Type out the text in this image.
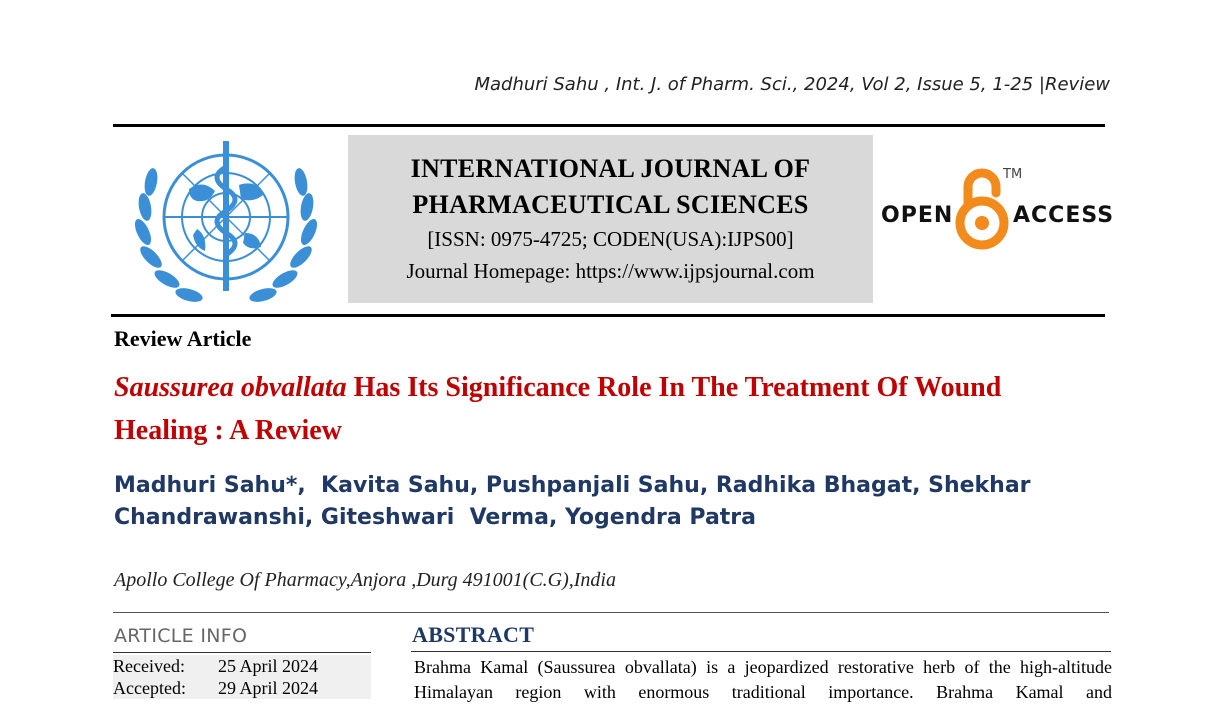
Madhuri Sahu , Int. J. of Pharm. Sci., 2024, Vol 2, Issue 5, 1-25 |Review
INTERNATIONAL JOURNAL OF
PHARMACEUTICAL SCIENCES
[ISSN: 0975-4725; CODEN(USA):IJPS00]
Journal Homepage: https://www.ijpsjournal.com
OPEN
TM
ACCESS
Review Article
Saussurea obvallata Has Its Significance Role In The Treatment Of Wound Healing : A Review
Madhuri Sahu*,  Kavita Sahu, Pushpanjali Sahu, Radhika Bhagat, Shekhar Chandrawanshi, Giteshwari  Verma, Yogendra Patra
Apollo College Of Pharmacy,Anjora ,Durg 491001(C.G),India
ARTICLE INFO
Received:	25 April 2024
Accepted:	29 April 2024
ABSTRACT
Brahma Kamal (Saussurea obvallata) is a jeopardized restorative herb of the high-altitude Himalayan region with enormous traditional importance. Brahma Kamal and
